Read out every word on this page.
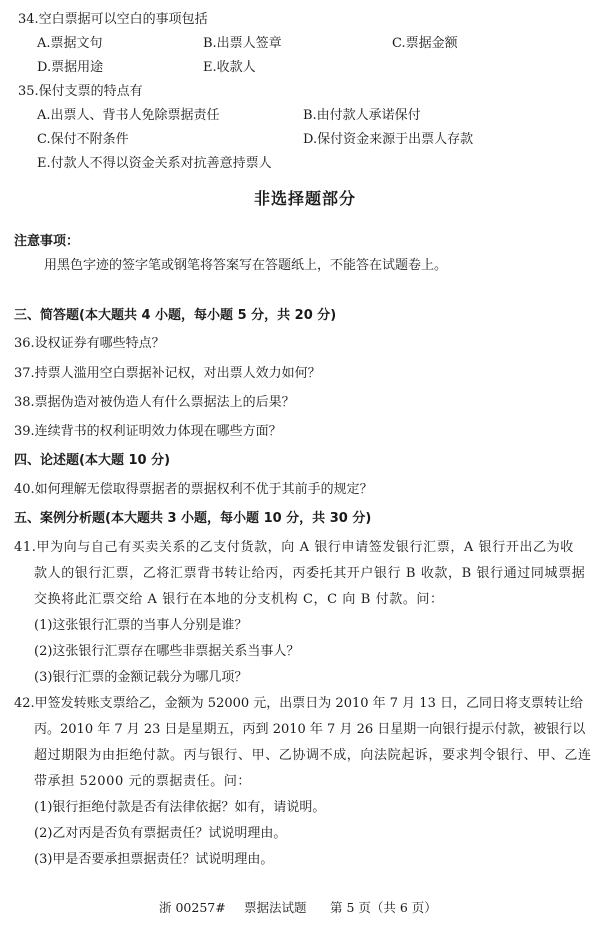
34.空白票据可以空白的事项包括
A.票据文句	B.出票人签章	C.票据金额
D.票据用途	E.收款人
35.保付支票的特点有
A.出票人、背书人免除票据责任	B.由付款人承诺保付
C.保付不附条件	D.保付资金来源于出票人存款
E.付款人不得以资金关系对抗善意持票人
非选择题部分
注意事项：
用黑色字迹的签字笔或钢笔将答案写在答题纸上，不能答在试题卷上。
三、简答题(本大题共 4 小题，每小题 5 分，共 20 分)
36.设权证券有哪些特点？
37.持票人滥用空白票据补记权，对出票人效力如何？
38.票据伪造对被伪造人有什么票据法上的后果？
39.连续背书的权利证明效力体现在哪些方面？
四、论述题(本大题 10 分)
40.如何理解无偿取得票据者的票据权利不优于其前手的规定？
五、案例分析题(本大题共 3 小题，每小题 10 分，共 30 分)
41.甲为向与自己有买卖关系的乙支付货款，向 A 银行申请签发银行汇票，A 银行开出乙为收
款人的银行汇票，乙将汇票背书转让给丙，丙委托其开户银行 B 收款，B 银行通过同城票据
交换将此汇票交给 A 银行在本地的分支机构 C，C 向 B 付款。问：
(1)这张银行汇票的当事人分别是谁？
(2)这张银行汇票存在哪些非票据关系当事人？
(3)银行汇票的金额记载分为哪几项？
42.甲签发转账支票给乙，金额为 52000 元，出票日为 2010 年 7 月 13 日，乙同日将支票转让给
丙。2010 年 7 月 23 日是星期五，丙到 2010 年 7 月 26 日星期一向银行提示付款，被银行以
超过期限为由拒绝付款。丙与银行、甲、乙协调不成，向法院起诉，要求判令银行、甲、乙连
带承担 52000 元的票据责任。问：
(1)银行拒绝付款是否有法律依据？如有，请说明。
(2)乙对丙是否负有票据责任？试说明理由。
(3)甲是否要承担票据责任？试说明理由。
浙 00257# 票据法试题 第 5 页（共 6 页）
